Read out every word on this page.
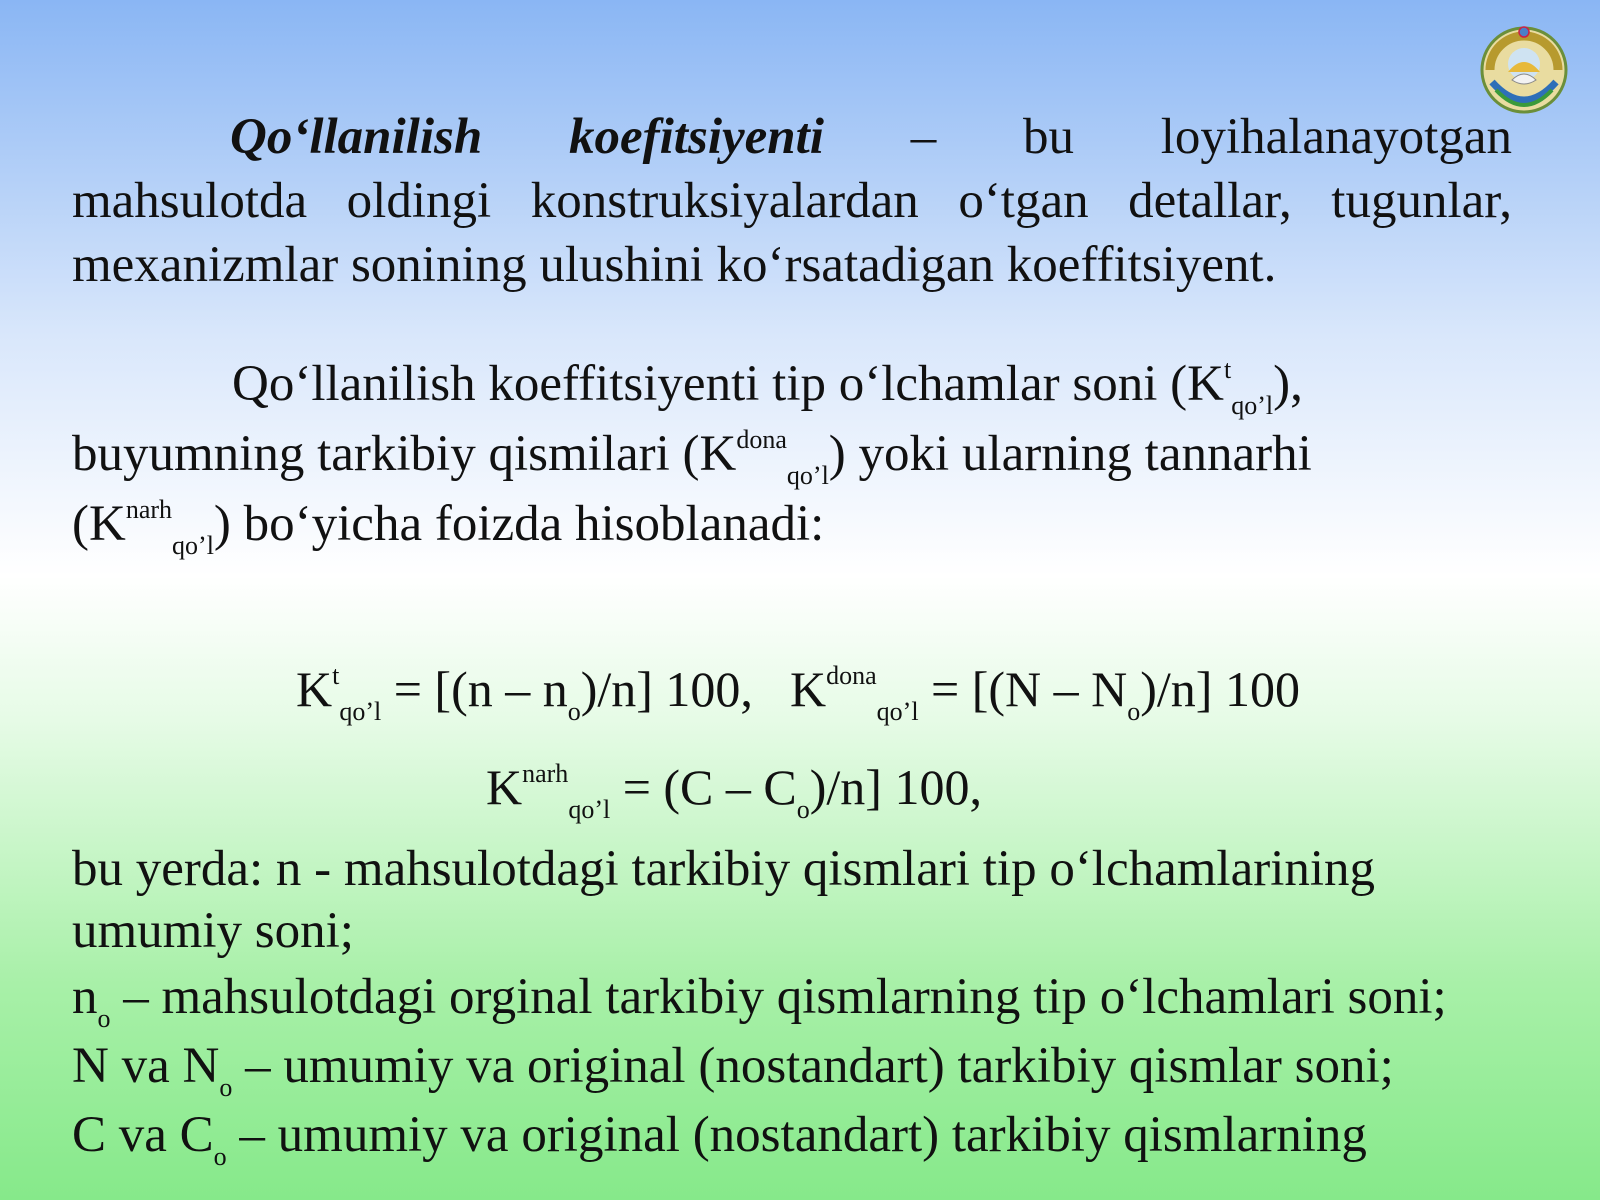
Qo‘llanilish koefitsiyenti – bu loyihalanayotgan
mahsulotda oldingi konstruksiyalardan o‘tgan detallar, tugunlar,
mexanizmlar sonining ulushini ko‘rsatadigan koeffitsiyent.
Qo‘llanilish koeffitsiyenti tip o‘lchamlar soni $(K^t_{qo’l})$,
buyumning tarkibiy qismilari $(K^{dona}_{qo’l})$ yoki ularning tannarhi
$(K^{narh}_{qo’l})$ bo‘yicha foizda hisoblanadi:
$K^t_{qo’l} = [(n - n_o)/n]$ 100, $K^{dona}_{qo’l} = [(N - N_o)/n]$ 100
$K^{narh}_{qo’l} = (C - C_o)/n$] 100,
bu yerda: n - mahsulotdagi tarkibiy qismlari tip o‘lchamlarining
umumiy soni;
$n_o$ – mahsulotdagi orginal tarkibiy qismlarning tip o‘lchamlari soni;
N va $N_o$ – umumiy va original (nostandart) tarkibiy qismlar soni;
C va $C_o$ – umumiy va original (nostandart) tarkibiy qismlarning
